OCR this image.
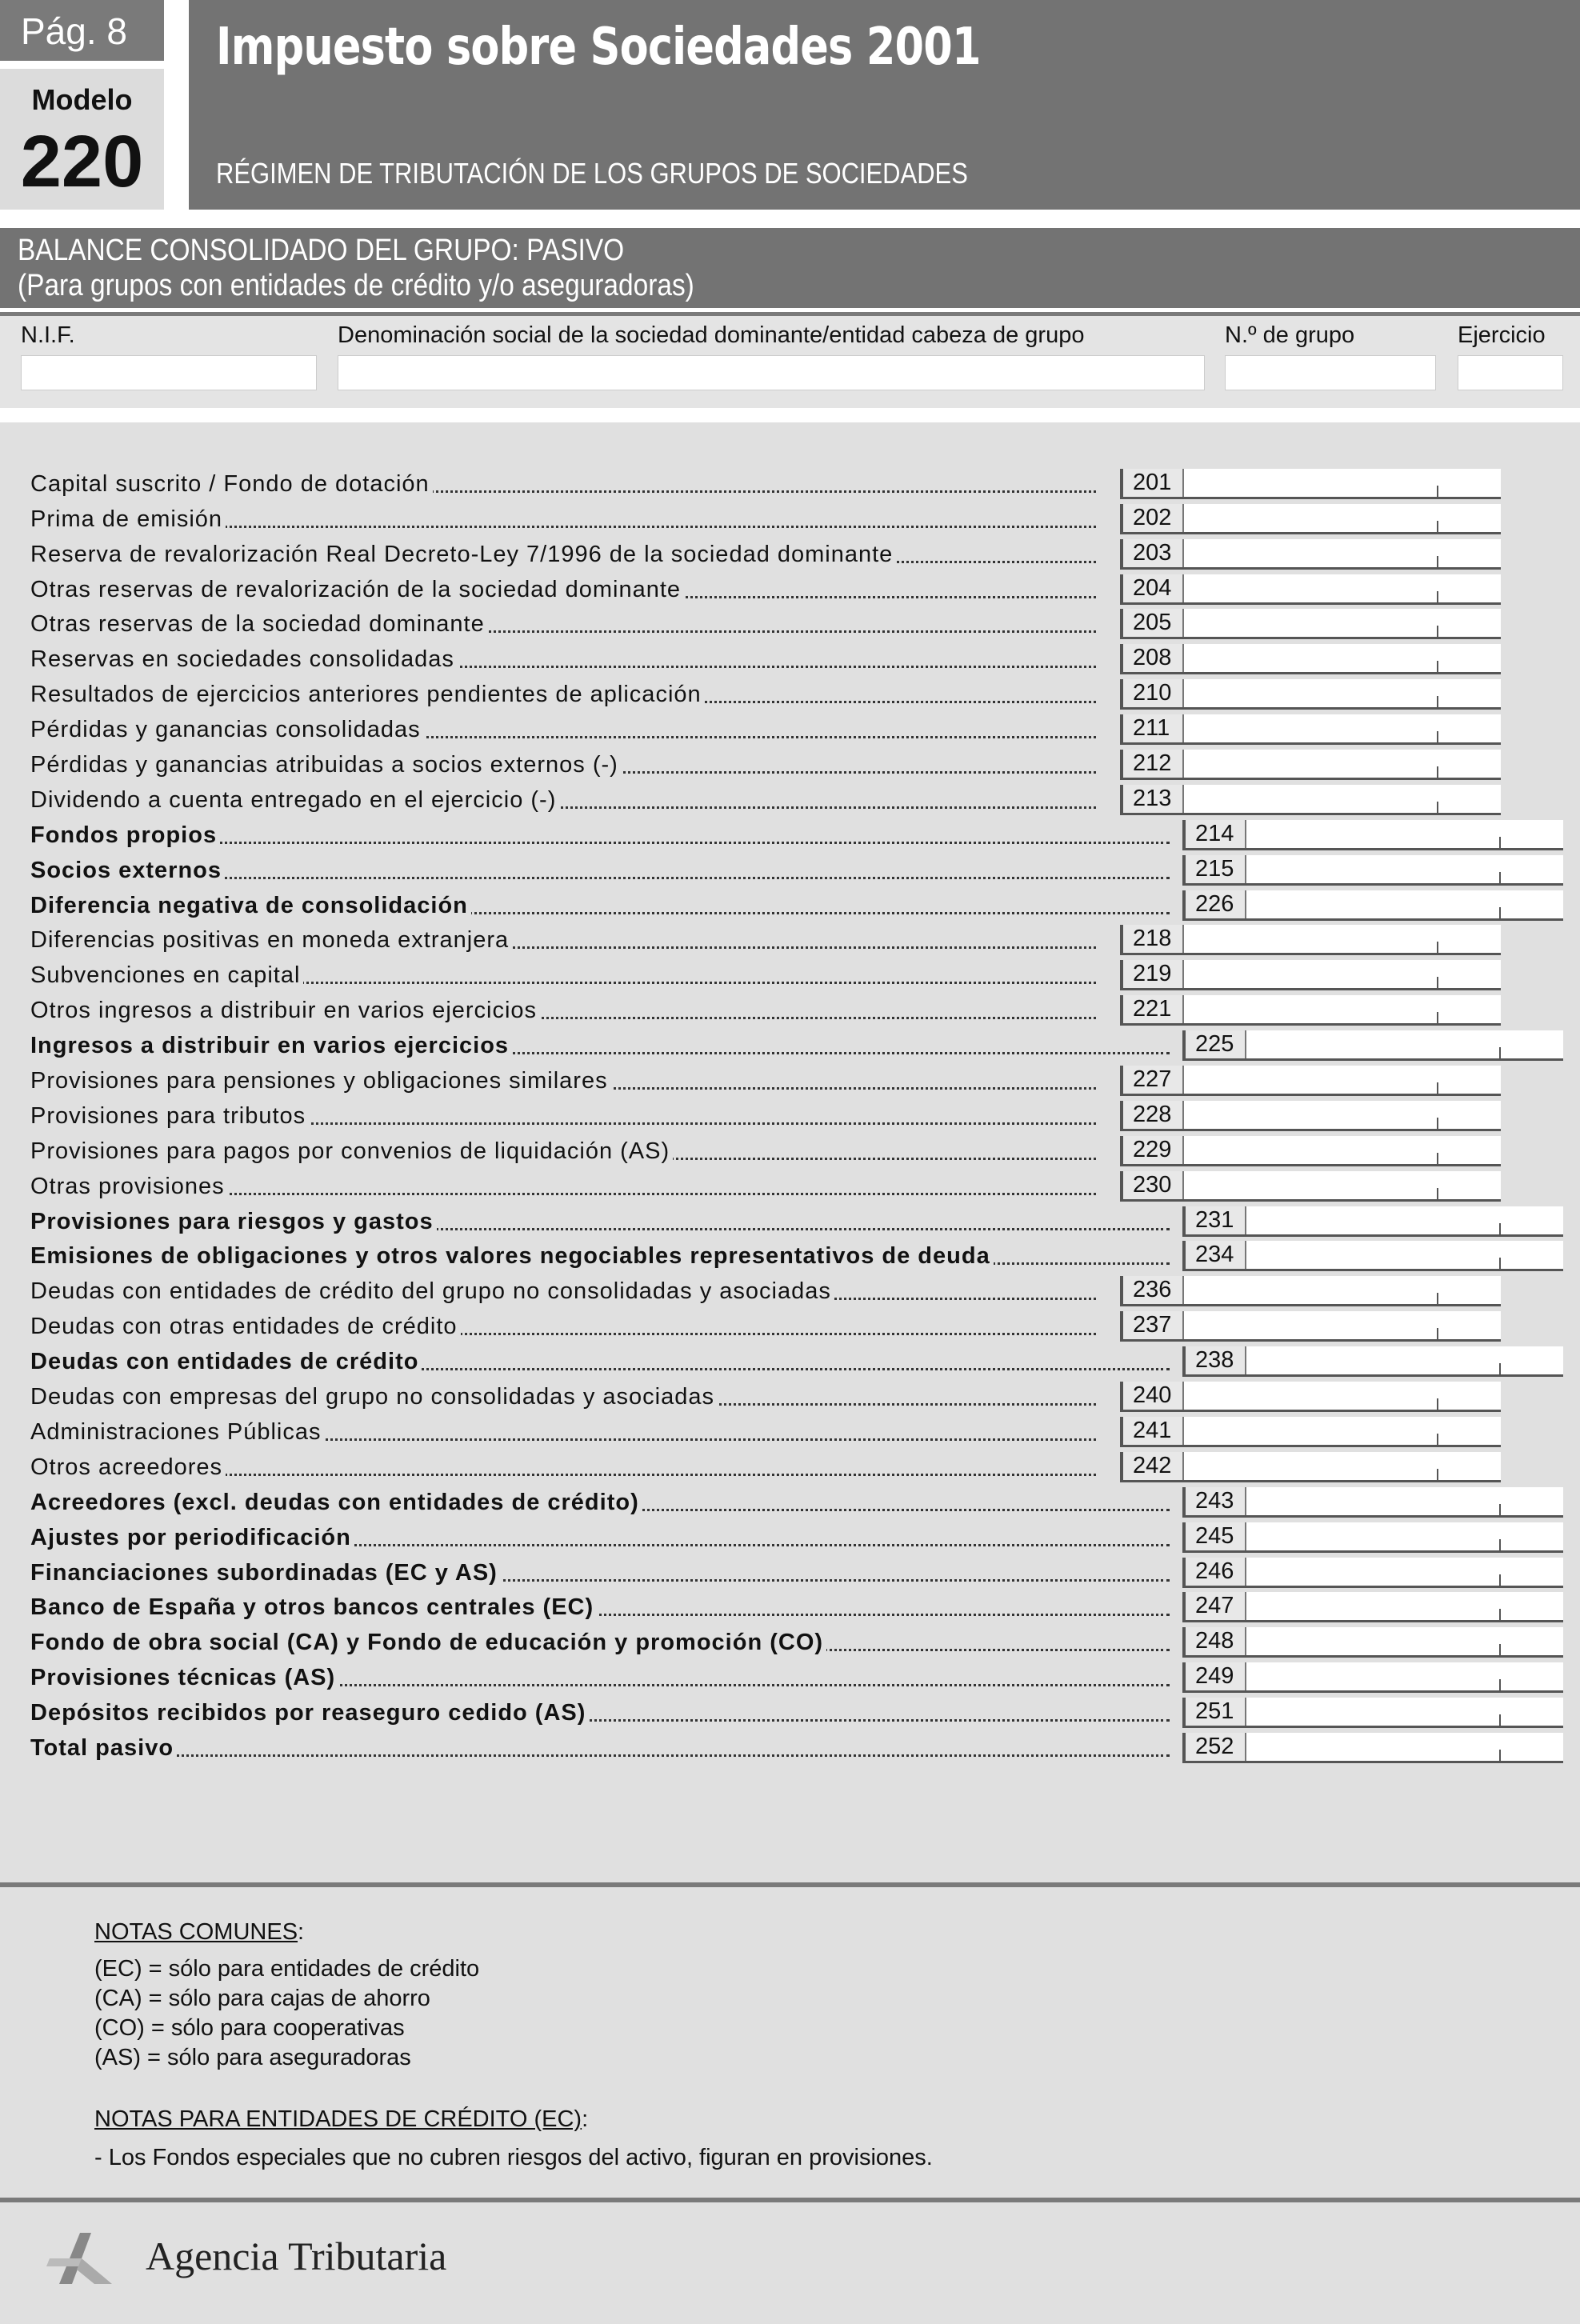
Pág. 8
Modelo
220
Impuesto sobre Sociedades 2001
RÉGIMEN DE TRIBUTACIÓN DE LOS GRUPOS DE SOCIEDADES
BALANCE CONSOLIDADO DEL GRUPO: PASIVO
(Para grupos con entidades de crédito y/o aseguradoras)
N.I.F.	Denominación social de la sociedad dominante/entidad cabeza de grupo	N.º de grupo	Ejercicio
Capital suscrito / Fondo de dotación	201
Prima de emisión	202
Reserva de revalorización Real Decreto-Ley 7/1996 de la sociedad dominante	203
Otras reservas de revalorización de la sociedad dominante	204
Otras reservas de la sociedad dominante	205
Reservas en sociedades consolidadas	208
Resultados de ejercicios anteriores pendientes de aplicación	210
Pérdidas y ganancias consolidadas	211
Pérdidas y ganancias atribuidas a socios externos (-)	212
Dividendo a cuenta entregado en el ejercicio (-)	213
Fondos propios	214
Socios externos	215
Diferencia negativa de consolidación	226
Diferencias positivas en moneda extranjera	218
Subvenciones en capital	219
Otros ingresos a distribuir en varios ejercicios	221
Ingresos a distribuir en varios ejercicios	225
Provisiones para pensiones y obligaciones similares	227
Provisiones para tributos	228
Provisiones para pagos por convenios de liquidación (AS)	229
Otras provisiones	230
Provisiones para riesgos y gastos	231
Emisiones de obligaciones y otros valores negociables representativos de deuda	234
Deudas con entidades de crédito del grupo no consolidadas y asociadas	236
Deudas con otras entidades de crédito	237
Deudas con entidades de crédito	238
Deudas con empresas del grupo no consolidadas y asociadas	240
Administraciones Públicas	241
Otros acreedores	242
Acreedores (excl. deudas con entidades de crédito)	243
Ajustes por periodificación	245
Financiaciones subordinadas (EC y AS)	246
Banco de España y otros bancos centrales (EC)	247
Fondo de obra social (CA) y Fondo de educación y promoción (CO)	248
Provisiones técnicas (AS)	249
Depósitos recibidos por reaseguro cedido (AS)	251
Total pasivo	252
NOTAS COMUNES:
(EC) = sólo para entidades de crédito
(CA) = sólo para cajas de ahorro
(CO) = sólo para cooperativas
(AS) = sólo para aseguradoras
NOTAS PARA ENTIDADES DE CRÉDITO (EC):
- Los Fondos especiales que no cubren riesgos del activo, figuran en provisiones.
Agencia Tributaria
